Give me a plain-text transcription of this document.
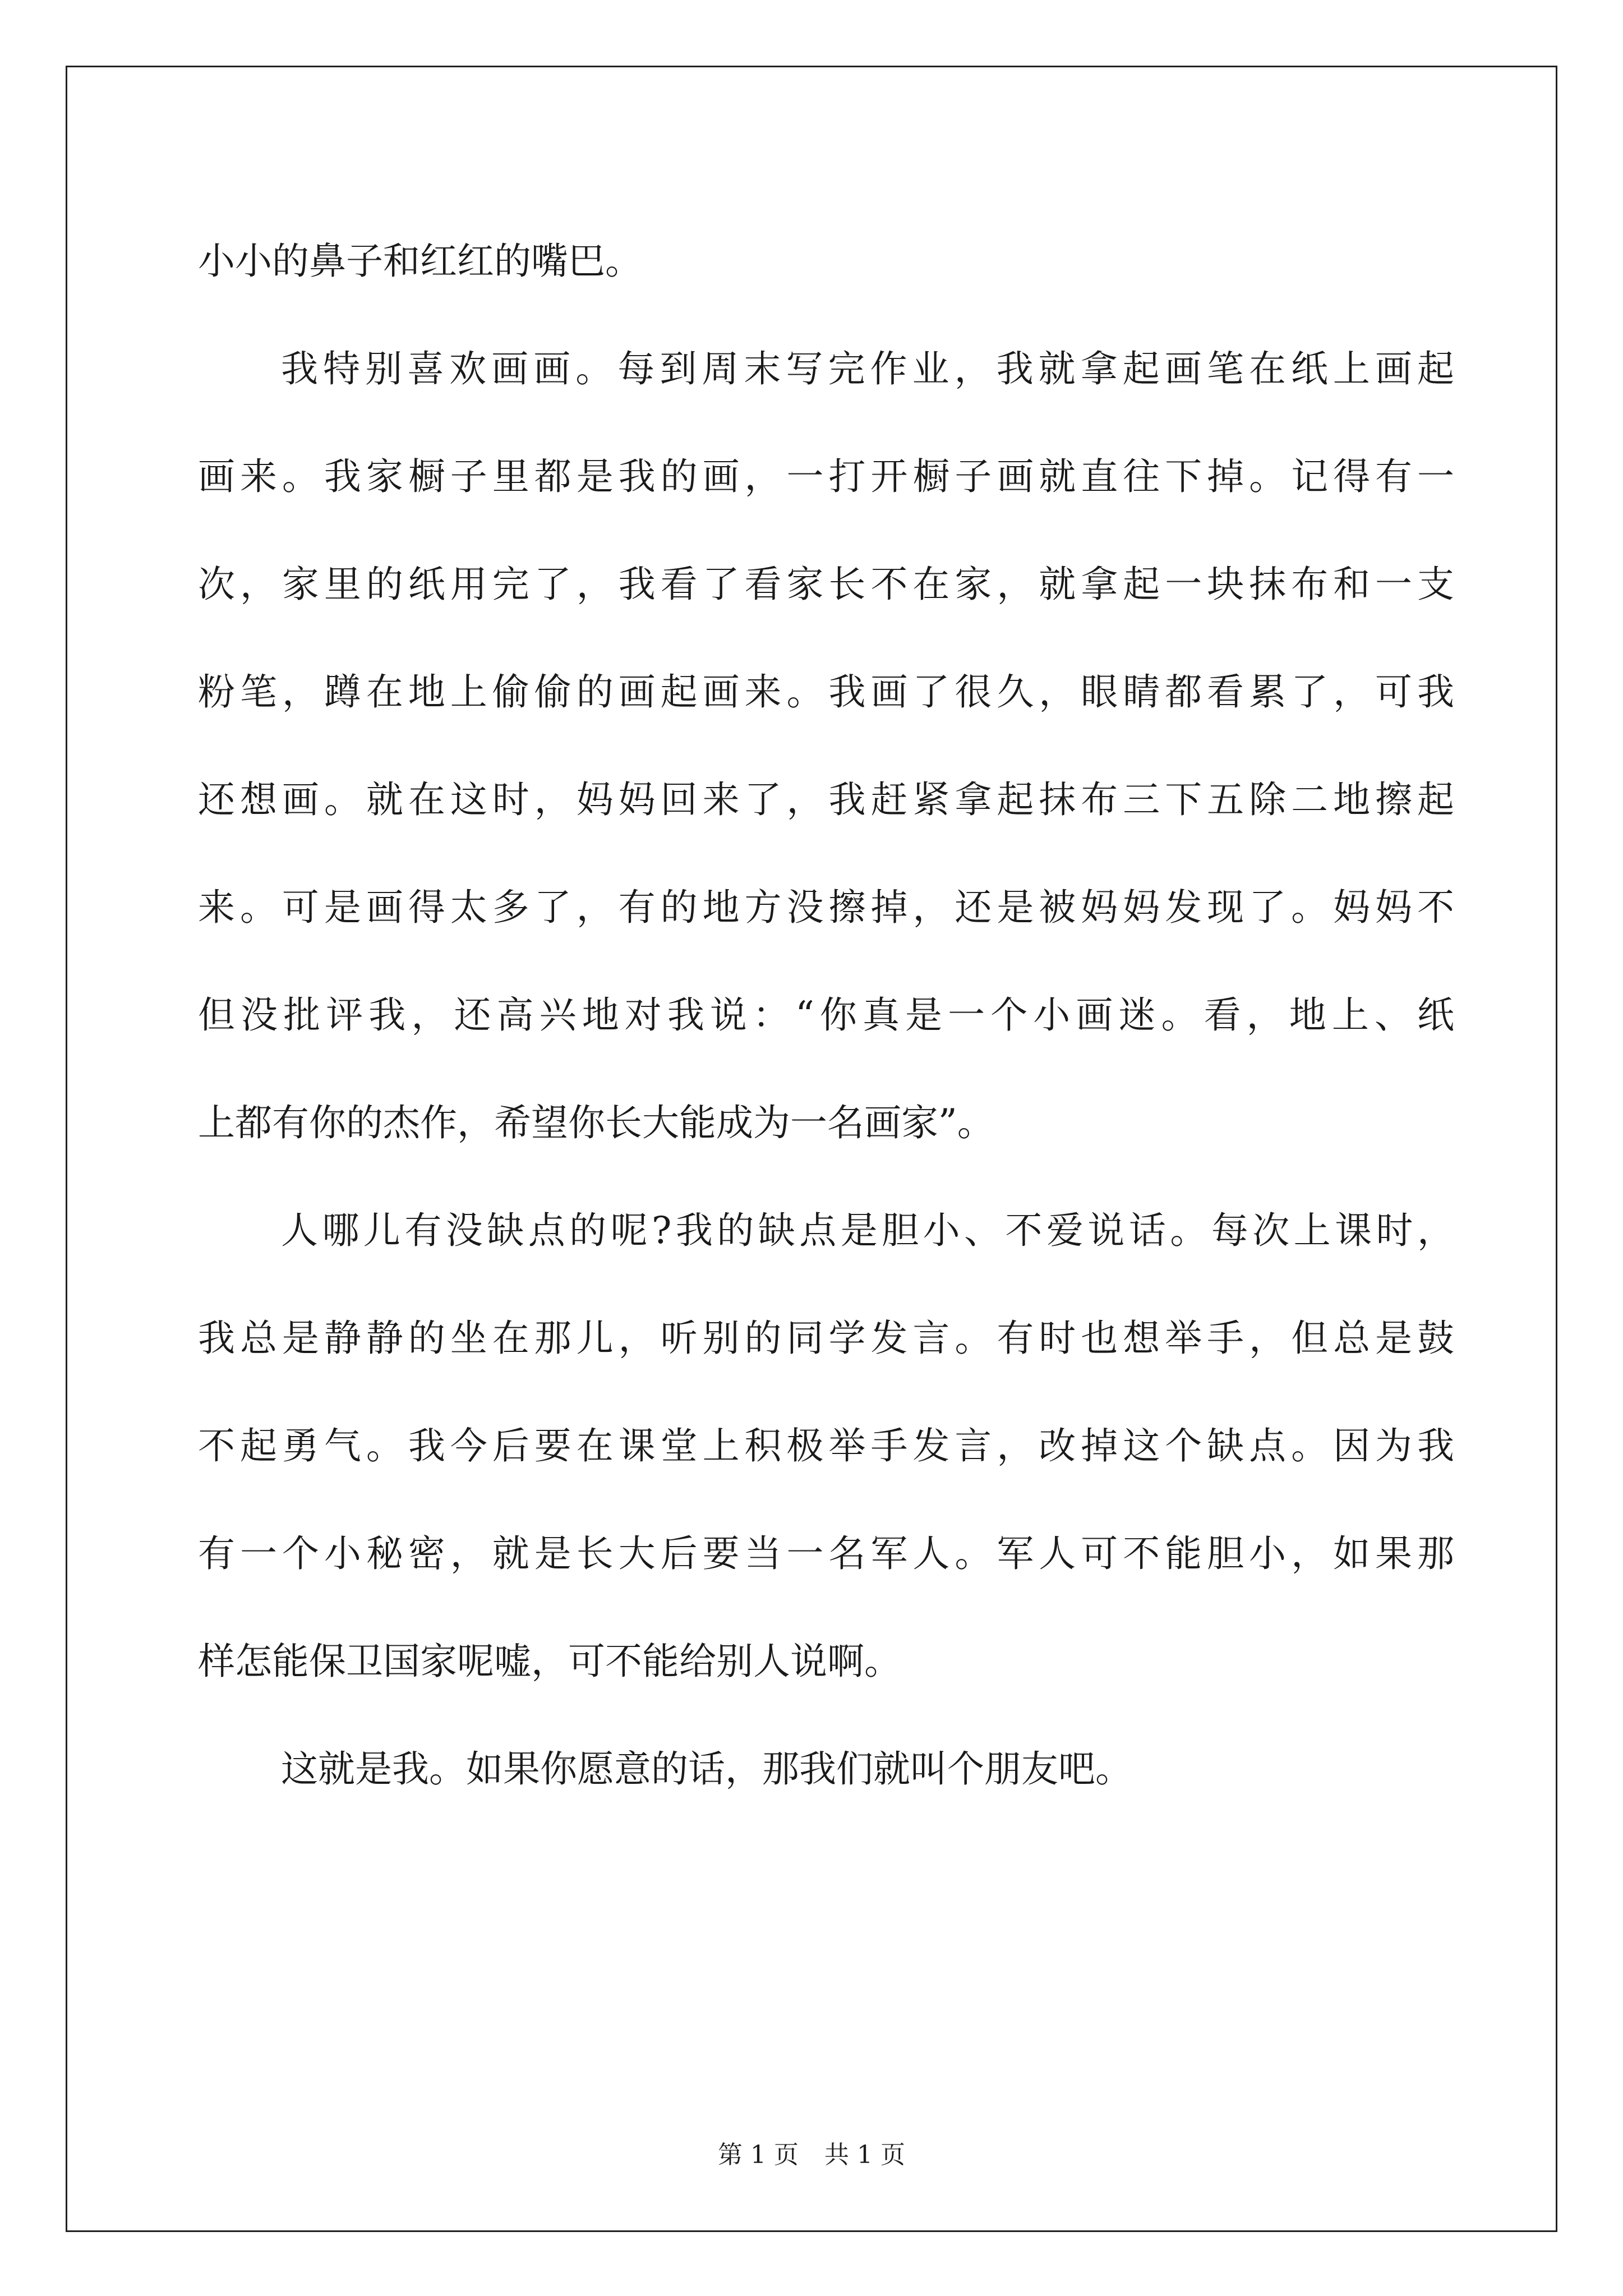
小小的鼻子和红红的嘴巴。
我特别喜欢画画。每到周末写完作业，我就拿起画笔在纸上画起
画来。我家橱子里都是我的画，一打开橱子画就直往下掉。记得有一
次，家里的纸用完了，我看了看家长不在家，就拿起一块抹布和一支
粉笔，蹲在地上偷偷的画起画来。我画了很久，眼睛都看累了，可我
还想画。就在这时，妈妈回来了，我赶紧拿起抹布三下五除二地擦起
来。可是画得太多了，有的地方没擦掉，还是被妈妈发现了。妈妈不
但没批评我，还高兴地对我说：“你真是一个小画迷。看，地上、纸
上都有你的杰作，希望你长大能成为一名画家”。
人哪儿有没缺点的呢?我的缺点是胆小、不爱说话。每次上课时，
我总是静静的坐在那儿，听别的同学发言。有时也想举手，但总是鼓
不起勇气。我今后要在课堂上积极举手发言，改掉这个缺点。因为我
有一个小秘密，就是长大后要当一名军人。军人可不能胆小，如果那
样怎能保卫国家呢嘘，可不能给别人说啊。
这就是我。如果你愿意的话，那我们就叫个朋友吧。
第 1 页 共 1 页
